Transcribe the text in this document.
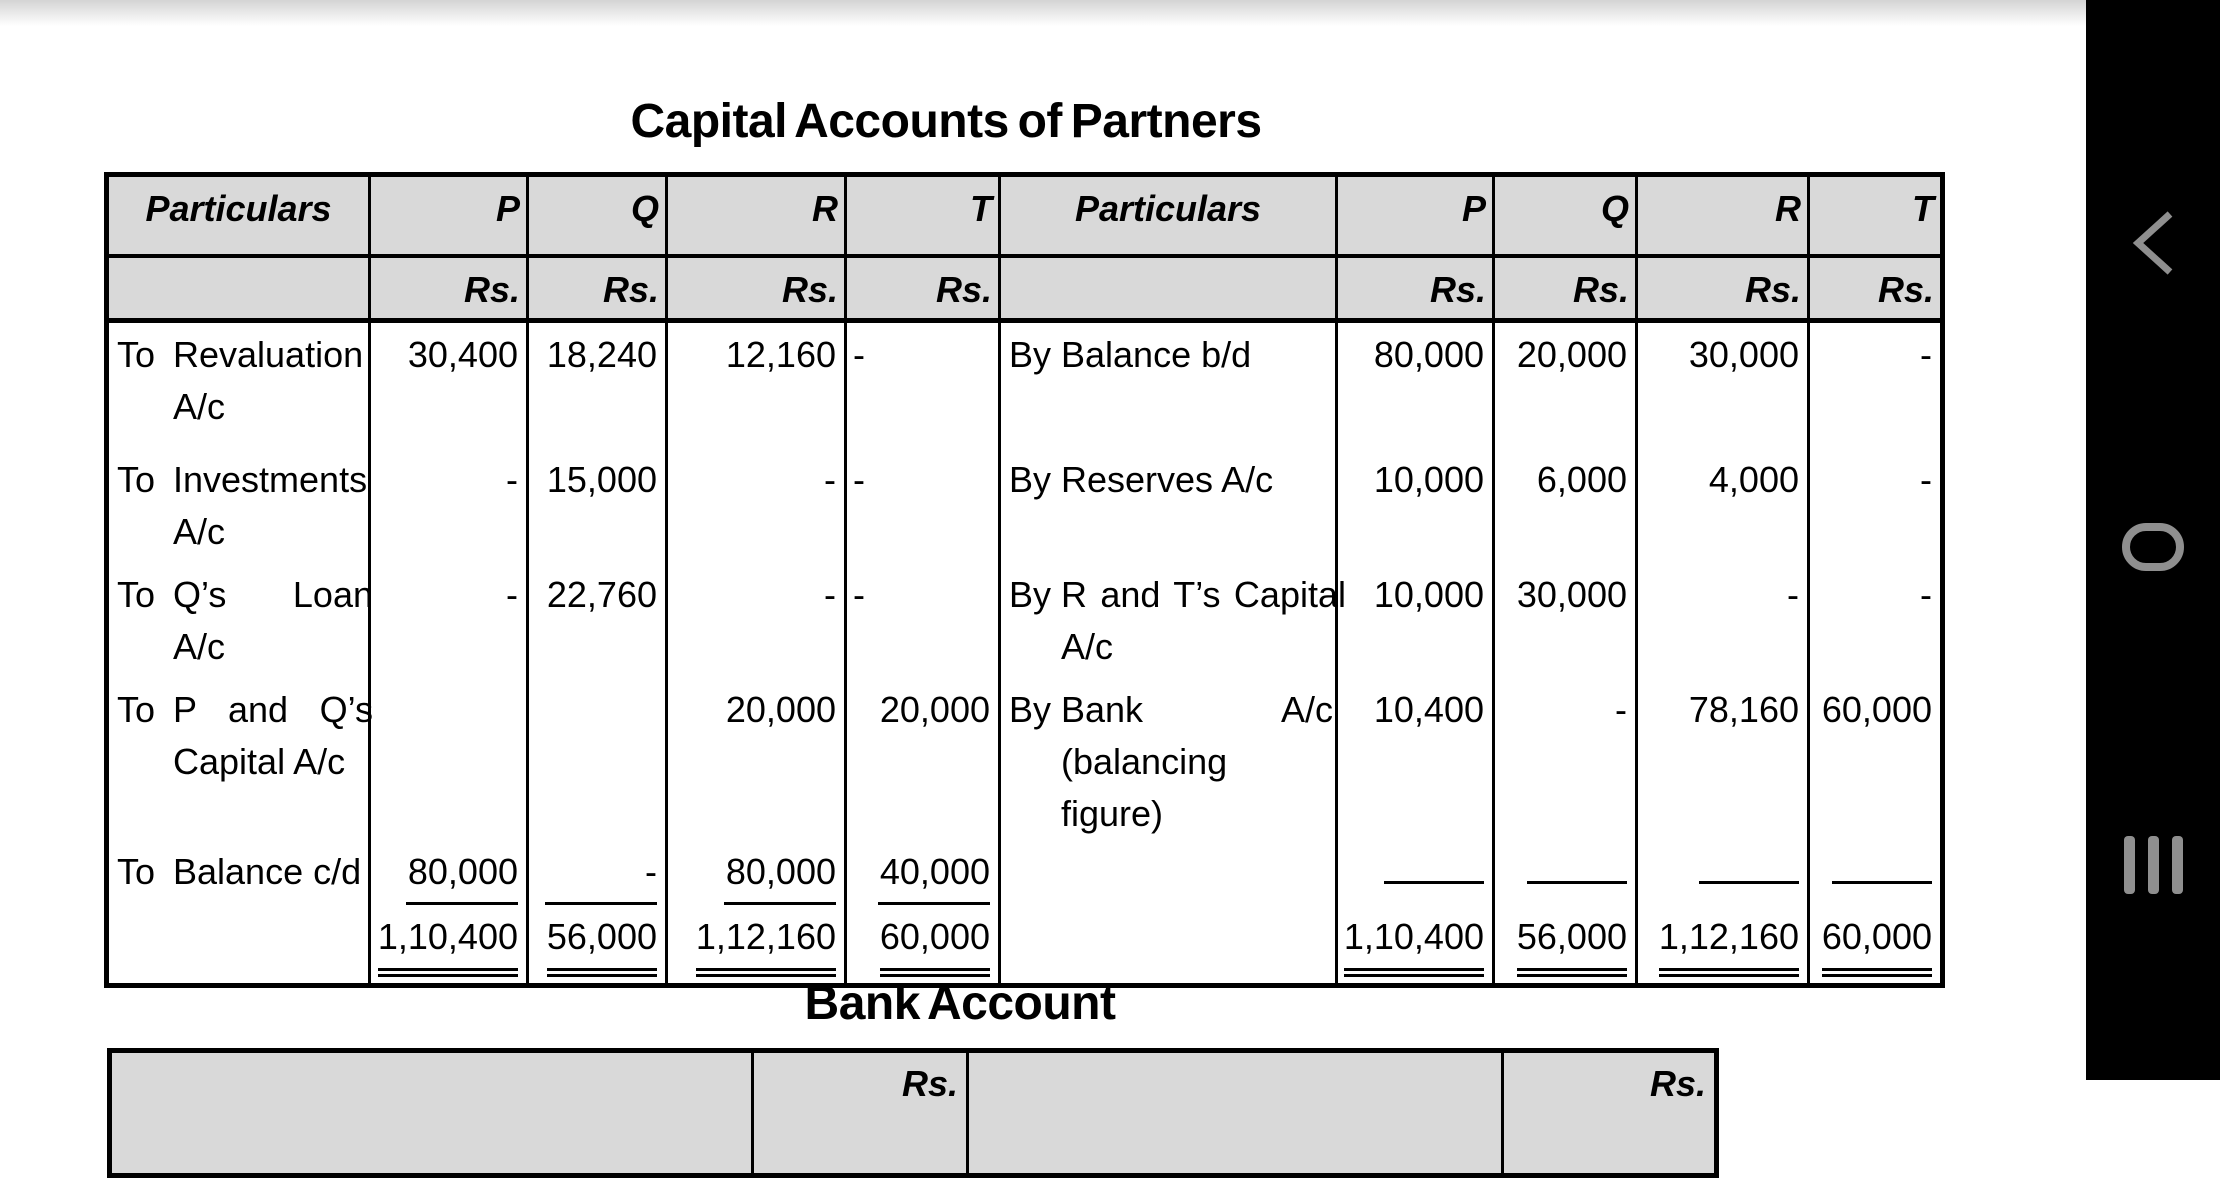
Capital Accounts of Partners
Particulars	P	Q	R	T	Particulars	P	Q	R	T
	Rs.	Rs.	Rs.	Rs.		Rs.	Rs.	Rs.	Rs.

To Revaluation A/c	30,400	18,240	12,160	-	By Balance b/d	80,000	20,000	30,000	-

To Investments A/c	-	15,000	-	-	By Reserves A/c	10,000	6,000	4,000	-

To Q’s Loan A/c	-	22,760	-	-	By R and T’s Capital A/c	10,000	30,000	-	-

To P and Q’s Capital A/c			20,000	20,000	By Bank A/c (balancing figure)	10,400	-	78,160	60,000

To Balance c/d	80,000	-	80,000	40,000					
	1,10,400	56,000	1,12,160	60,000		1,10,400	56,000	1,12,160	60,000
Bank Account
	Rs.		Rs.
